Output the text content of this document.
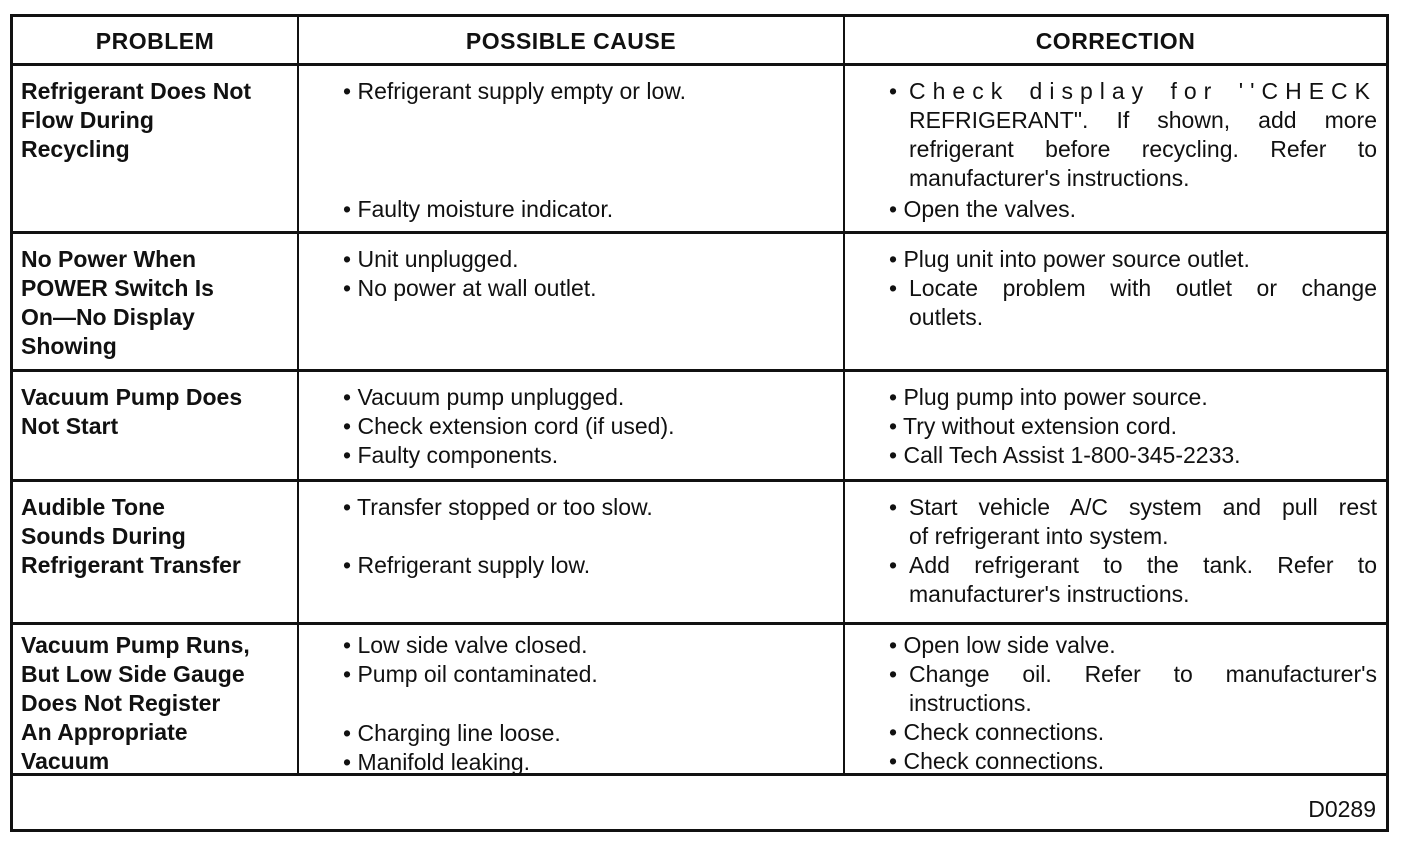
PROBLEM	POSSIBLE CAUSE	CORRECTION
Refrigerant Does Not
Flow During
Recycling
• Refrigerant supply empty or low.
• Faulty moisture indicator.
• Check display for ''CHECK
REFRIGERANT". If shown, add more
refrigerant before recycling. Refer to
manufacturer's instructions.
• Open the valves.
No Power When
POWER Switch Is
On—No Display
Showing
• Unit unplugged.
• No power at wall outlet.
• Plug unit into power source outlet.
• Locate problem with outlet or change
outlets.
Vacuum Pump Does
Not Start
• Vacuum pump unplugged.
• Check extension cord (if used).
• Faulty components.
• Plug pump into power source.
• Try without extension cord.
• Call Tech Assist 1-800-345-2233.
Audible Tone
Sounds During
Refrigerant Transfer
• Transfer stopped or too slow.
• Refrigerant supply low.
• Start vehicle A/C system and pull rest
of refrigerant into system.
• Add refrigerant to the tank. Refer to
manufacturer's instructions.
Vacuum Pump Runs,
But Low Side Gauge
Does Not Register
An Appropriate
Vacuum
• Low side valve closed.
• Pump oil contaminated.
• Charging line loose.
• Manifold leaking.
• Open low side valve.
• Change oil. Refer to manufacturer's
instructions.
• Check connections.
• Check connections.
D0289
